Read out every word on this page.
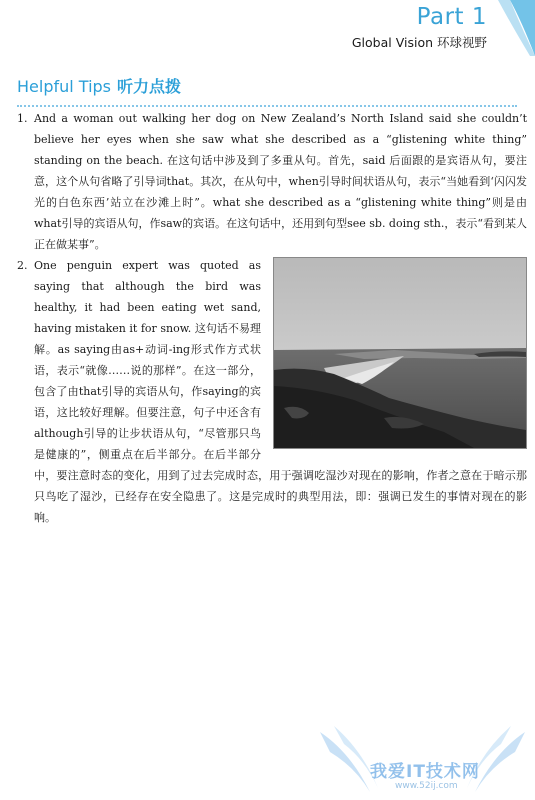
Part 1
Global Vision 环球视野
Helpful Tips 听力点拨
1. And a woman out walking her dog on New Zealand’s North Island said she couldn’t believe her eyes when she saw what she described as a “glistening white thing” standing on the beach. 在这句话中涉及到了多重从句。首先，said 后面跟的是宾语从句，要注意，这个从句省略了引导词that。其次，在从句中，when引导时间状语从句，表示“当她看到‘闪闪发光的白色东西’站立在沙滩上时”。what she described as a “glistening white thing”则是由what引导的宾语从句，作saw的宾语。在这句话中，还用到句型see sb. doing sth.，表示“看到某人正在做某事”。
2. One penguin expert was quoted as saying that although the bird was healthy, it had been eating wet sand, having mistaken it for snow. 这句话不易理解。as saying由as+动词-ing形式作方式状语，表示“就像……说的那样”。在这一部分，包含了由that引导的宾语从句，作saying的宾语，这比较好理解。但要注意，句子中还含有 although引导的让步状语从句，“尽管那只鸟是健康的”，侧重点在后半部分。在后半部分中，要注意时态的变化，用到了过去完成时态，用于强调吃湿沙对现在的影响，作者之意在于暗示那只鸟吃了湿沙，已经存在安全隐患了。这是完成时的典型用法，即：强调已发生的事情对现在的影响。
我爱IT技术网
www.52ij.com
